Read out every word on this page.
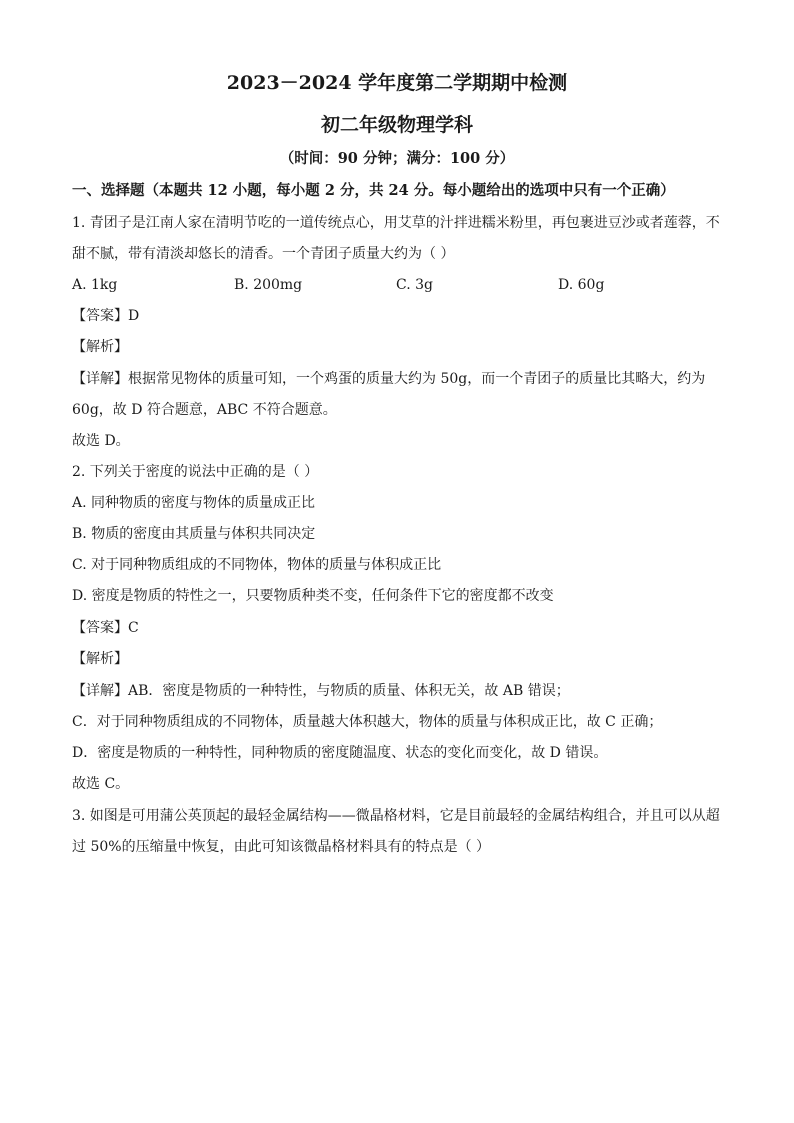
2023－2024 学年度第二学期期中检测

初二年级物理学科

（时间：90 分钟；满分：100 分）

一、选择题（本题共 12 小题，每小题 2 分，共 24 分。每小题给出的选项中只有一个正确）

1. 青团子是江南人家在清明节吃的一道传统点心，用艾草的汁拌进糯米粉里，再包裹进豆沙或者莲蓉，不

甜不腻，带有清淡却悠长的清香。一个青团子质量大约为（ ）

A. 1kg	B. 200mg	C. 3g	D. 60g

【答案】D

【解析】

【详解】根据常见物体的质量可知，一个鸡蛋的质量大约为 50g，而一个青团子的质量比其略大，约为

60g，故 D 符合题意，ABC 不符合题意。

故选 D。

2. 下列关于密度的说法中正确的是（ ）

A. 同种物质的密度与物体的质量成正比

B. 物质的密度由其质量与体积共同决定

C. 对于同种物质组成的不同物体，物体的质量与体积成正比

D. 密度是物质的特性之一，只要物质种类不变，任何条件下它的密度都不改变

【答案】C

【解析】

【详解】AB．密度是物质的一种特性，与物质的质量、体积无关，故 AB 错误；

C．对于同种物质组成的不同物体，质量越大体积越大，物体的质量与体积成正比，故 C 正确；

D．密度是物质的一种特性，同种物质的密度随温度、状态的变化而变化，故 D 错误。

故选 C。

3. 如图是可用蒲公英顶起的最轻金属结构——微晶格材料，它是目前最轻的金属结构组合，并且可以从超

过 50%的压缩量中恢复，由此可知该微晶格材料具有的特点是（ ）
